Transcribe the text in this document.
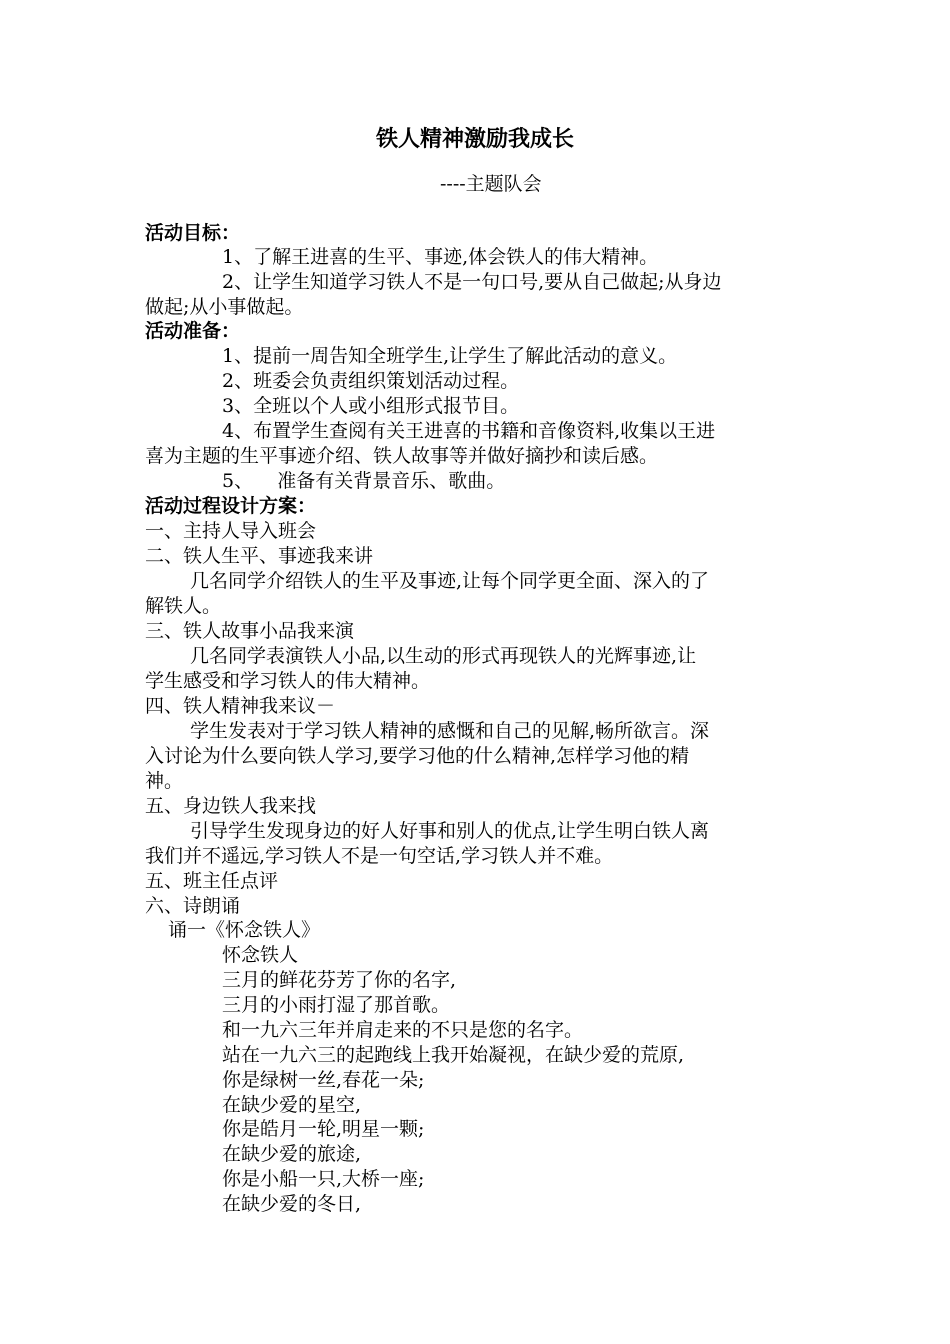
铁人精神激励我成长

----主题队会

活动目标：

1、了解王进喜的生平、事迹,体会铁人的伟大精神。

2、让学生知道学习铁人不是一句口号,要从自己做起;从身边

做起;从小事做起。

活动准备：

1、提前一周告知全班学生,让学生了解此活动的意义。

2、班委会负责组织策划活动过程。

3、全班以个人或小组形式报节目。

4、布置学生查阅有关王进喜的书籍和音像资料,收集以王进

喜为主题的生平事迹介绍、铁人故事等并做好摘抄和读后感。

5、    准备有关背景音乐、歌曲。

活动过程设计方案：

一、主持人导入班会

二、铁人生平、事迹我来讲

几名同学介绍铁人的生平及事迹,让每个同学更全面、深入的了

解铁人。

三、铁人故事小品我来演

几名同学表演铁人小品,以生动的形式再现铁人的光辉事迹,让

学生感受和学习铁人的伟大精神。

四、铁人精神我来议－

学生发表对于学习铁人精神的感慨和自己的见解,畅所欲言。深

入讨论为什么要向铁人学习,要学习他的什么精神,怎样学习他的精

神。

五、身边铁人我来找

引导学生发现身边的好人好事和别人的优点,让学生明白铁人离

我们并不遥远,学习铁人不是一句空话,学习铁人并不难。

五、班主任点评

六、诗朗诵

诵一《怀念铁人》

怀念铁人

三月的鲜花芬芳了你的名字,

三月的小雨打湿了那首歌。

和一九六三年并肩走来的不只是您的名字。

站在一九六三的起跑线上我开始凝视，在缺少爱的荒原,

你是绿树一丝,春花一朵;

在缺少爱的星空,

你是皓月一轮,明星一颗;

在缺少爱的旅途,

你是小船一只,大桥一座;

在缺少爱的冬日,
